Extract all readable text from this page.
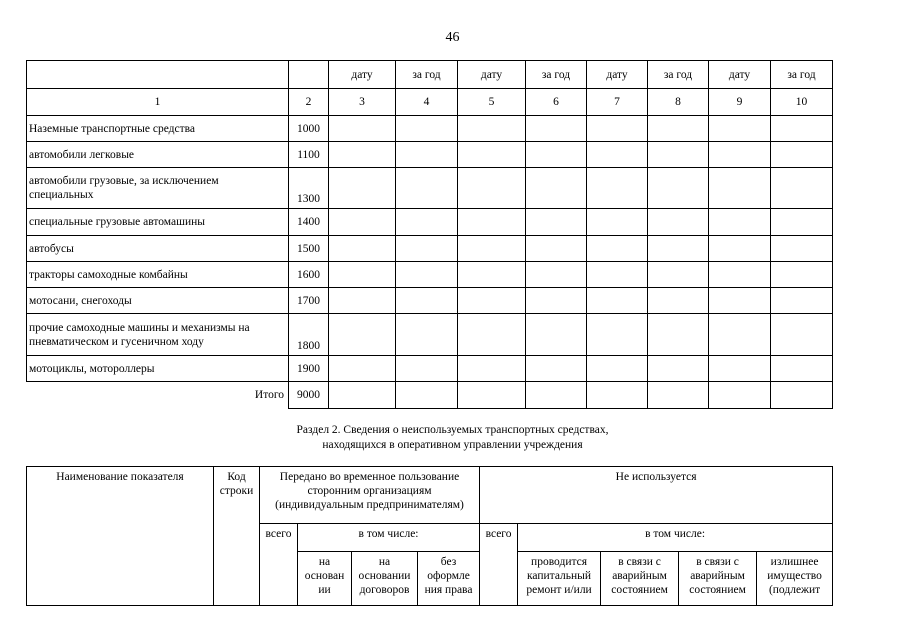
46
		дату	за год	дату	за год	дату	за год	дату	за год
1	2	3	4	5	6	7	8	9	10
Наземные транспортные средства	1000								
автомобили легковые	1100								
автомобили грузовые, за исключением специальных	1300								
специальные грузовые автомашины	1400								
автобусы	1500								
тракторы самоходные комбайны	1600								
мотосани, снегоходы	1700								
прочие самоходные машины и механизмы на пневматическом и гусеничном ходу	1800								
мотоциклы, мотороллеры	1900								
Итого	9000								
Раздел 2. Сведения о неиспользуемых транспортных средствах,
находящихся в оперативном управлении учреждения
Наименование показателя	Код строки	Передано во временное пользование сторонним организациям (индивидуальным предпринимателям)				Не используется				
		всего	в том числе:			всего	в том числе:			
			на основан ии	на основании договоров	без оформле ния права		проводится капитальный ремонт и/или	в связи с аварийным состоянием	в связи с аварийным состоянием	излишнее имущество (подлежит
